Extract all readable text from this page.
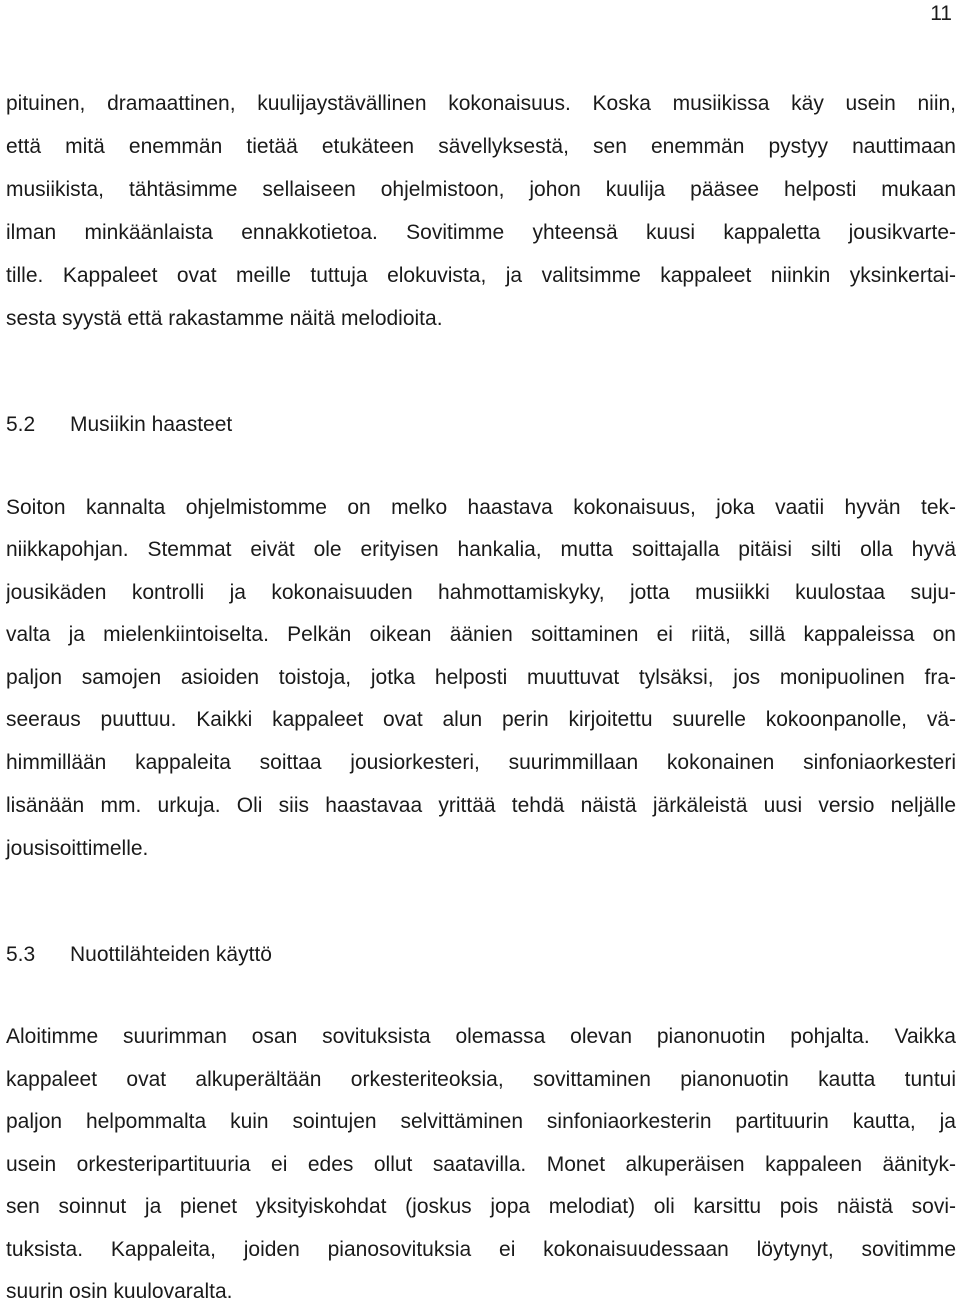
11
pituinen, dramaattinen, kuulijaystävällinen kokonaisuus. Koska musiikissa käy usein niin,
että mitä enemmän tietää etukäteen sävellyksestä, sen enemmän pystyy nauttimaan
musiikista, tähtäsimme sellaiseen ohjelmistoon, johon kuulija pääsee helposti mukaan
ilman minkäänlaista ennakkotietoa. Sovitimme yhteensä kuusi kappaletta jousikvarte-
tille. Kappaleet ovat meille tuttuja elokuvista, ja valitsimme kappaleet niinkin yksinkertai-
sesta syystä että rakastamme näitä melodioita.
5.2 Musiikin haasteet
Soiton kannalta ohjelmistomme on melko haastava kokonaisuus, joka vaatii hyvän tek-
niikkapohjan. Stemmat eivät ole erityisen hankalia, mutta soittajalla pitäisi silti olla hyvä
jousikäden kontrolli ja kokonaisuuden hahmottamiskyky, jotta musiikki kuulostaa suju-
valta ja mielenkiintoiselta. Pelkän oikean äänien soittaminen ei riitä, sillä kappaleissa on
paljon samojen asioiden toistoja, jotka helposti muuttuvat tylsäksi, jos monipuolinen fra-
seeraus puuttuu. Kaikki kappaleet ovat alun perin kirjoitettu suurelle kokoonpanolle, vä-
himmillään kappaleita soittaa jousiorkesteri, suurimmillaan kokonainen sinfoniaorkesteri
lisänään mm. urkuja. Oli siis haastavaa yrittää tehdä näistä järkäleistä uusi versio neljälle
jousisoittimelle.
5.3 Nuottilähteiden käyttö
Aloitimme suurimman osan sovituksista olemassa olevan pianonuotin pohjalta. Vaikka
kappaleet ovat alkuperältään orkesteriteoksia, sovittaminen pianonuotin kautta tuntui
paljon helpommalta kuin sointujen selvittäminen sinfoniaorkesterin partituurin kautta, ja
usein orkesteripartituuria ei edes ollut saatavilla. Monet alkuperäisen kappaleen äänityk-
sen soinnut ja pienet yksityiskohdat (joskus jopa melodiat) oli karsittu pois näistä sovi-
tuksista. Kappaleita, joiden pianosovituksia ei kokonaisuudessaan löytynyt, sovitimme
suurin osin kuulovaralta.
